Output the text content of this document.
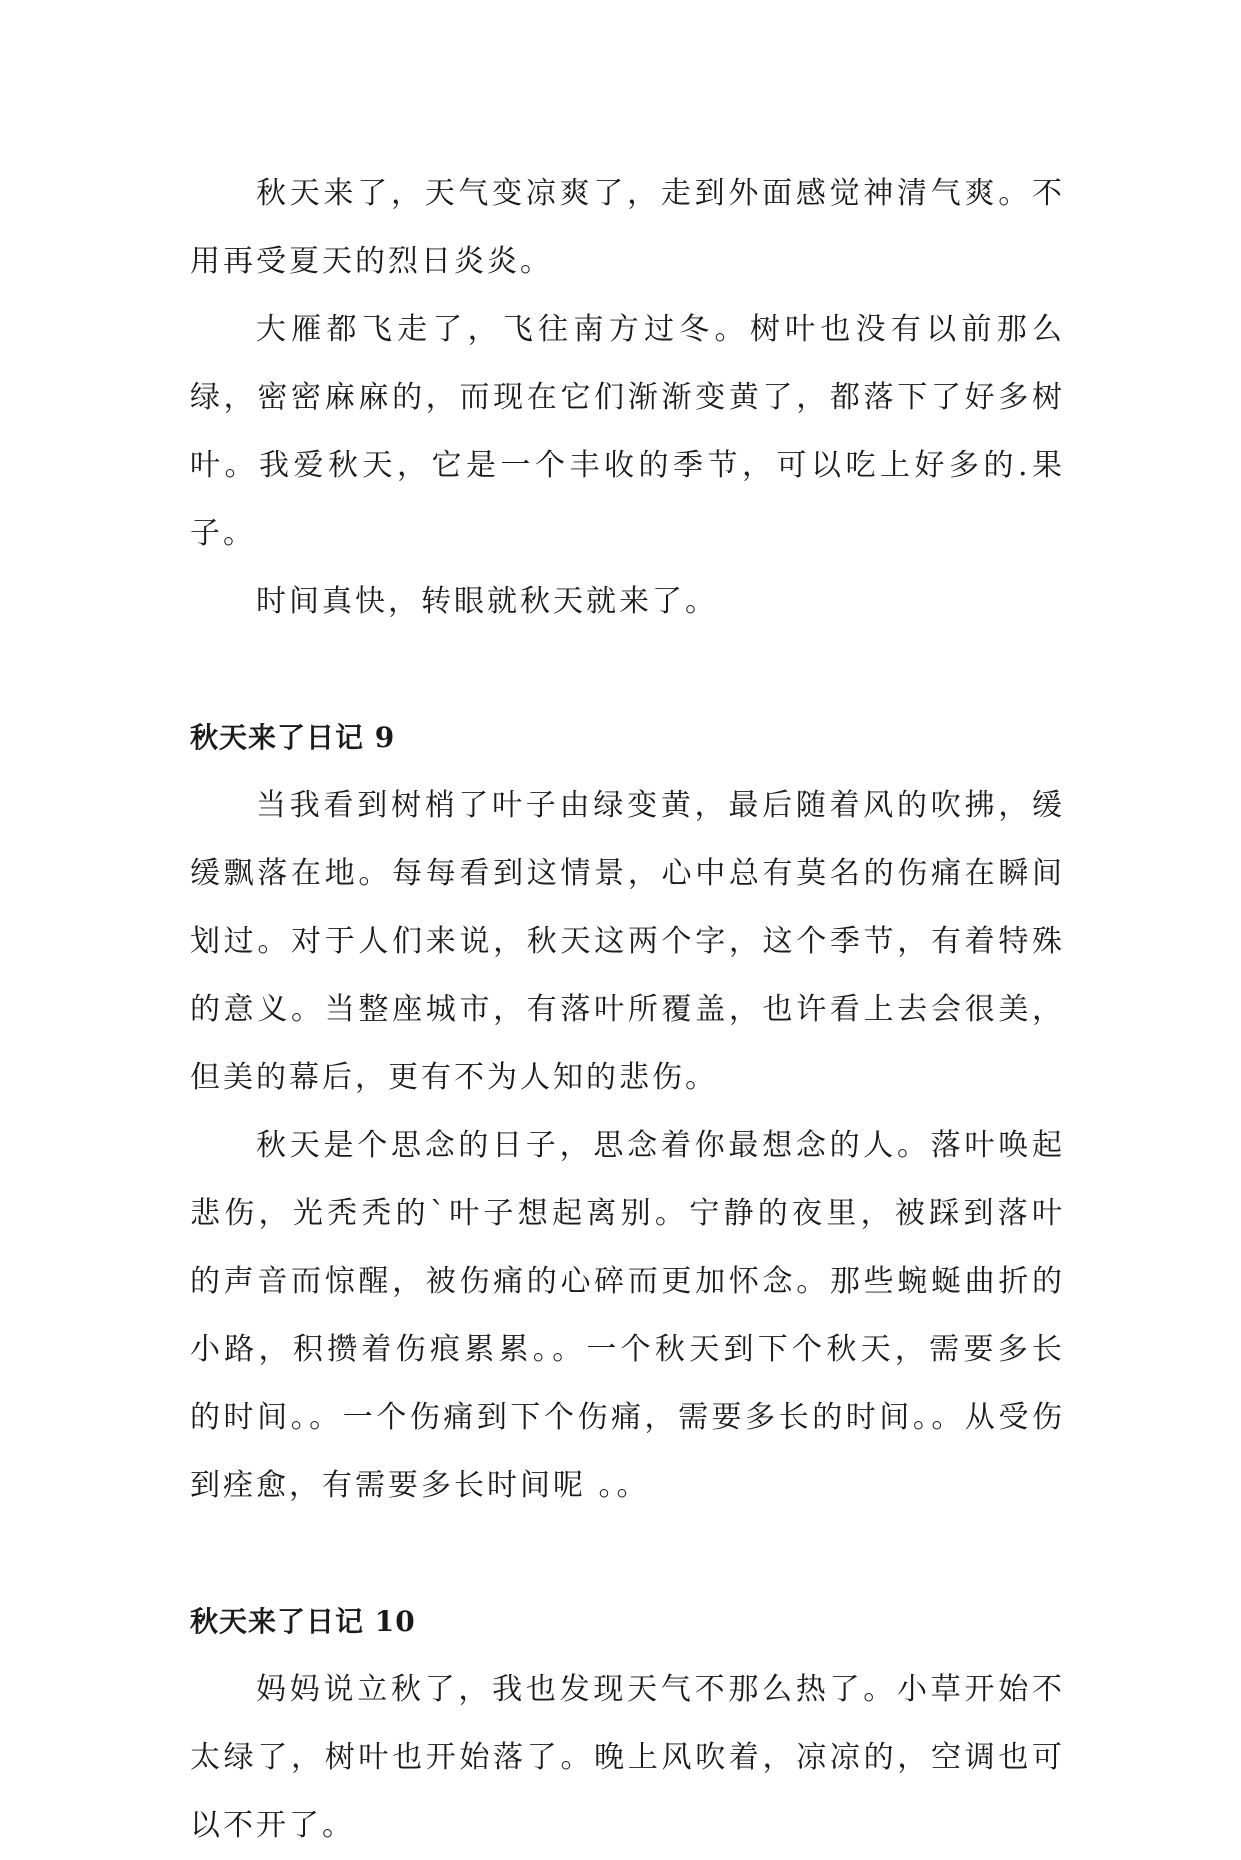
秋天来了，天气变凉爽了，走到外面感觉神清气爽。不用再受夏天的烈日炎炎。

大雁都飞走了，飞往南方过冬。树叶也没有以前那么绿，密密麻麻的，而现在它们渐渐变黄了，都落下了好多树叶。我爱秋天，它是一个丰收的季节，可以吃上好多的.果子。

时间真快，转眼就秋天就来了。

秋天来了日记 9

当我看到树梢了叶子由绿变黄，最后随着风的吹拂，缓缓飘落在地。每每看到这情景，心中总有莫名的伤痛在瞬间划过。对于人们来说，秋天这两个字，这个季节，有着特殊的意义。当整座城市，有落叶所覆盖，也许看上去会很美，但美的幕后，更有不为人知的悲伤。

秋天是个思念的日子，思念着你最想念的人。落叶唤起悲伤，光秃秃的`叶子想起离别。宁静的夜里，被踩到落叶的声音而惊醒，被伤痛的心碎而更加怀念。那些蜿蜒曲折的小路，积攒着伤痕累累。。一个秋天到下个秋天，需要多长的时间。。一个伤痛到下个伤痛，需要多长的时间。。从受伤到痊愈，有需要多长时间呢 。。

秋天来了日记 10

妈妈说立秋了，我也发现天气不那么热了。小草开始不太绿了，树叶也开始落了。晚上风吹着，凉凉的，空调也可以不开了。
